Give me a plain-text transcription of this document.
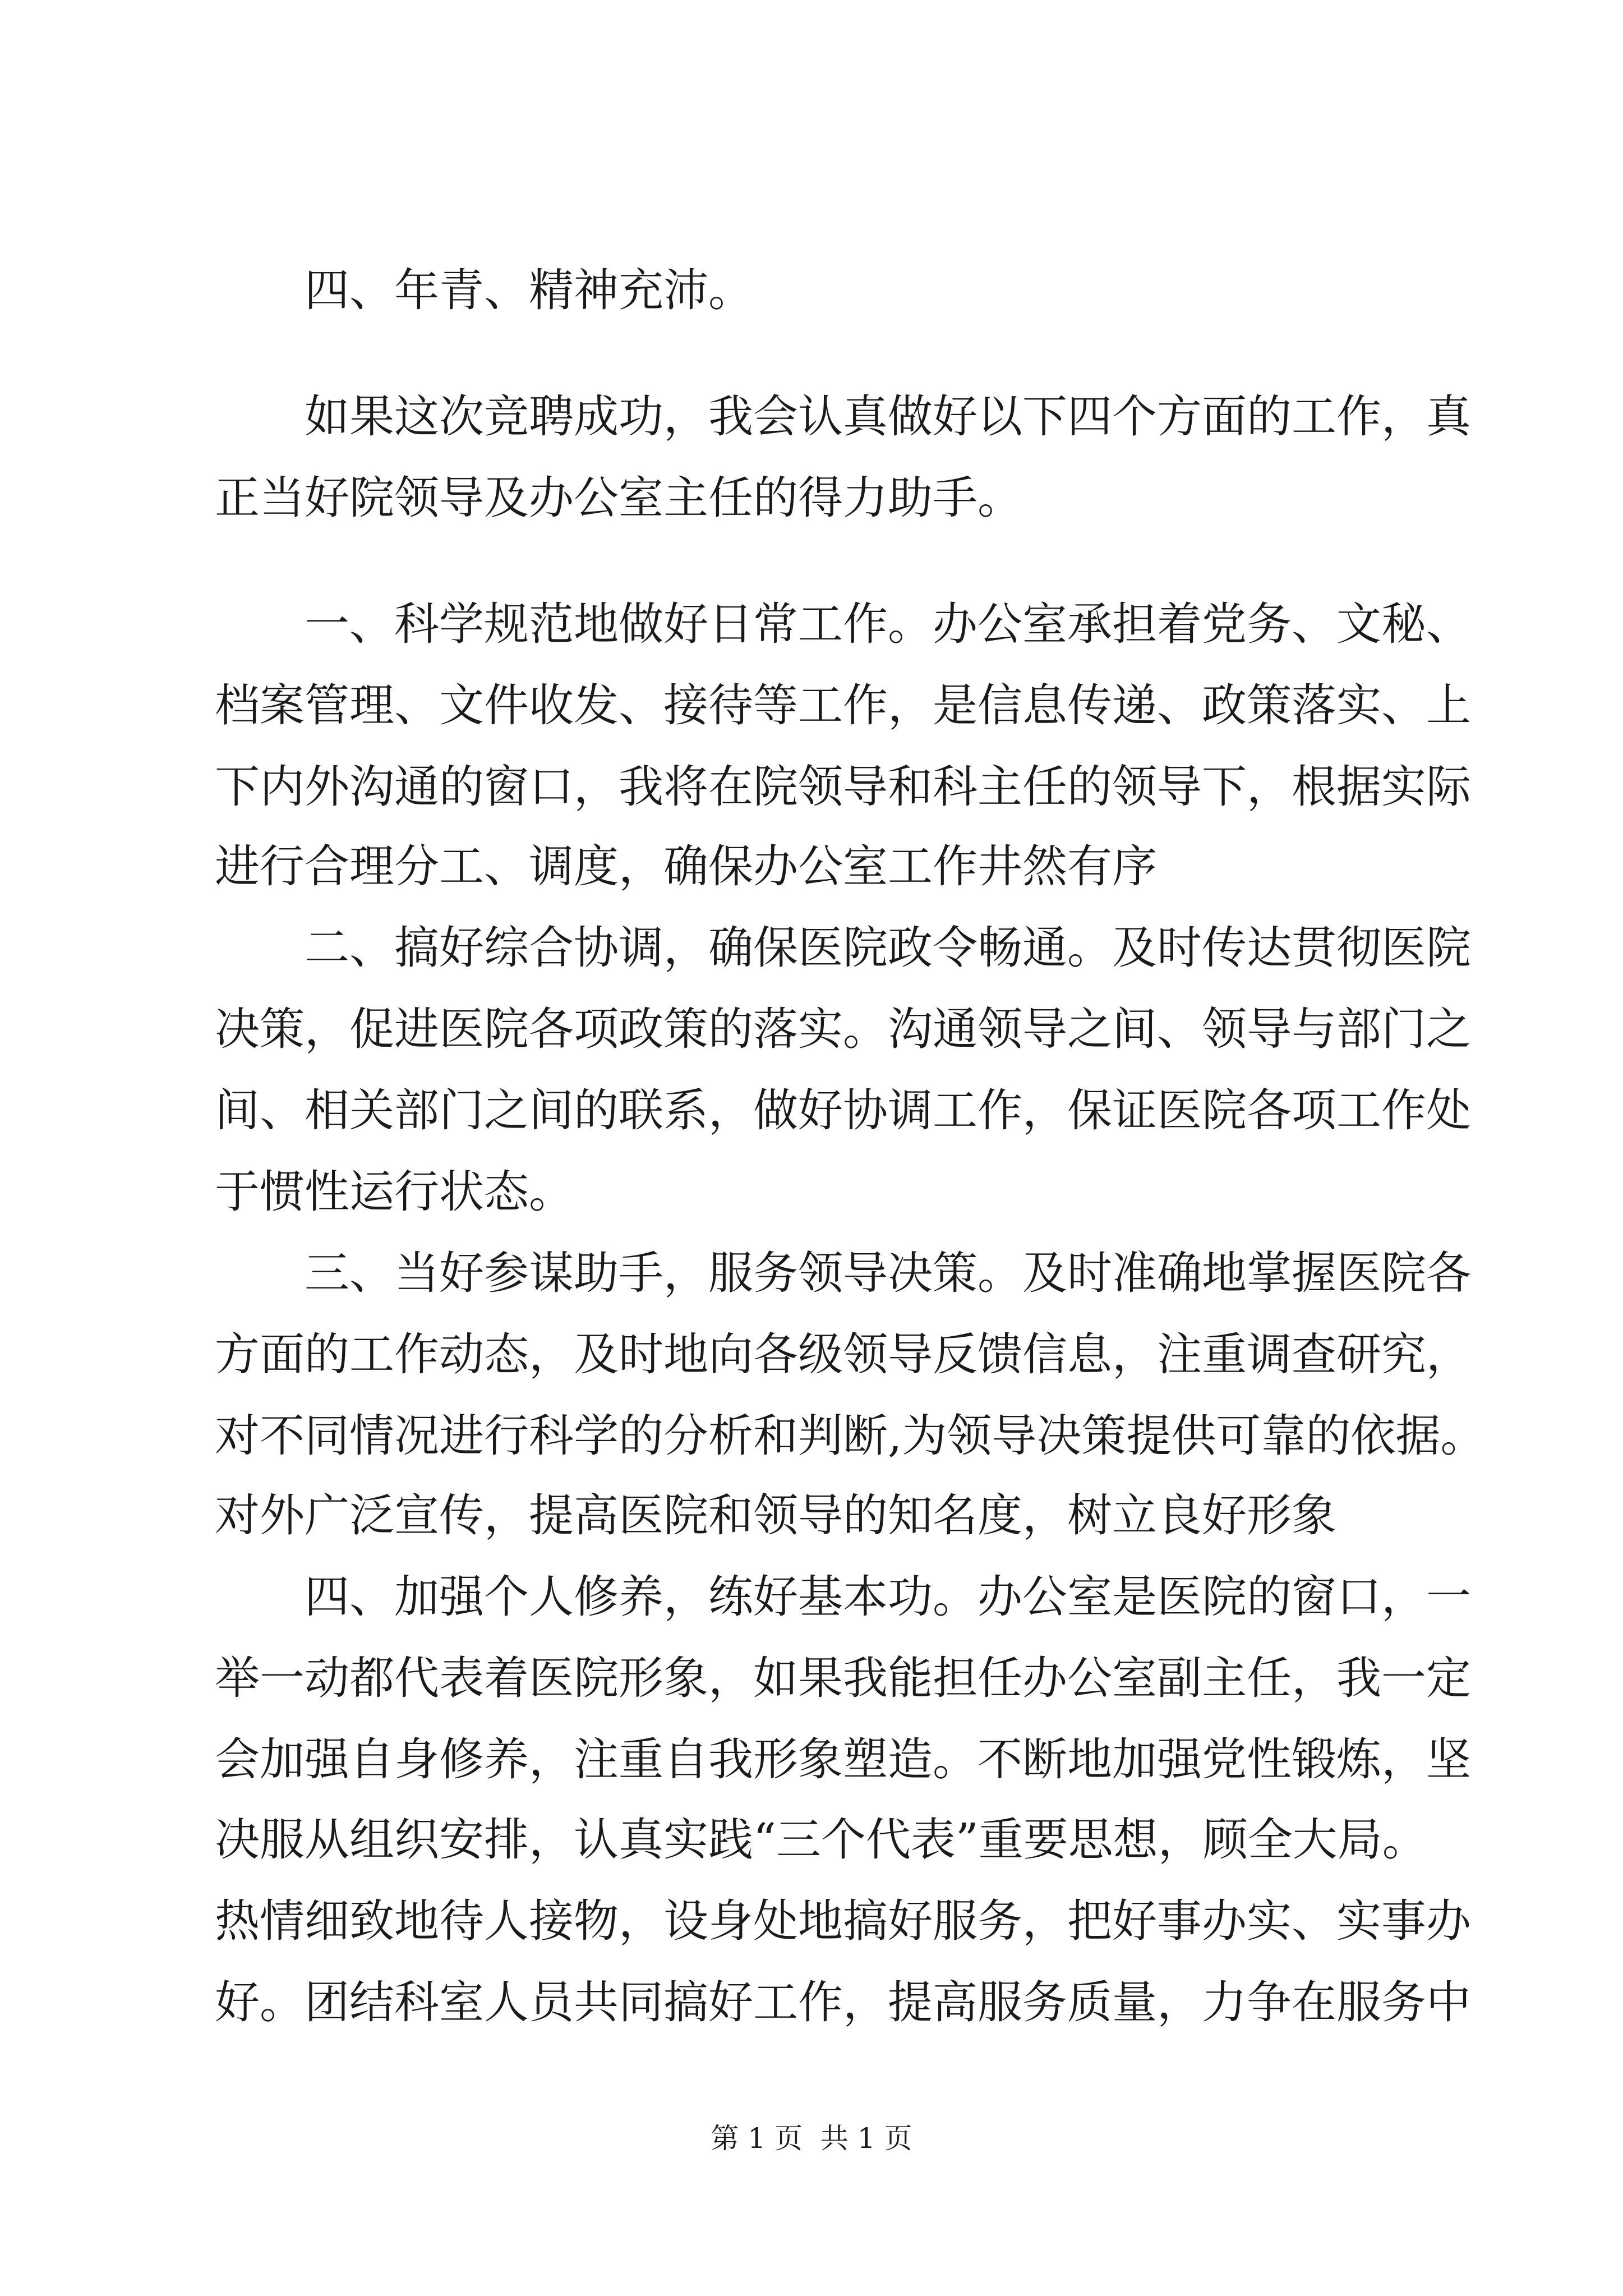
　　四、年青、精神充沛。
　　如果这次竞聘成功，我会认真做好以下四个方面的工作，真
正当好院领导及办公室主任的得力助手。
　　一、科学规范地做好日常工作。办公室承担着党务、文秘、
档案管理、文件收发、接待等工作，是信息传递、政策落实、上
下内外沟通的窗口，我将在院领导和科主任的领导下，根据实际
进行合理分工、调度，确保办公室工作井然有序
　　二、搞好综合协调，确保医院政令畅通。及时传达贯彻医院
决策，促进医院各项政策的落实。沟通领导之间、领导与部门之
间、相关部门之间的联系，做好协调工作，保证医院各项工作处
于惯性运行状态。
　　三、当好参谋助手，服务领导决策。及时准确地掌握医院各
方面的工作动态，及时地向各级领导反馈信息，注重调查研究，
对不同情况进行科学的分析和判断,为领导决策提供可靠的依据。
对外广泛宣传，提高医院和领导的知名度，树立良好形象
　　四、加强个人修养，练好基本功。办公室是医院的窗口，一
举一动都代表着医院形象，如果我能担任办公室副主任，我一定
会加强自身修养，注重自我形象塑造。不断地加强党性锻炼，坚
决服从组织安排，认真实践“三个代表”重要思想，顾全大局。
热情细致地待人接物，设身处地搞好服务，把好事办实、实事办
好。团结科室人员共同搞好工作，提高服务质量，力争在服务中
第 1 页  共 1 页
